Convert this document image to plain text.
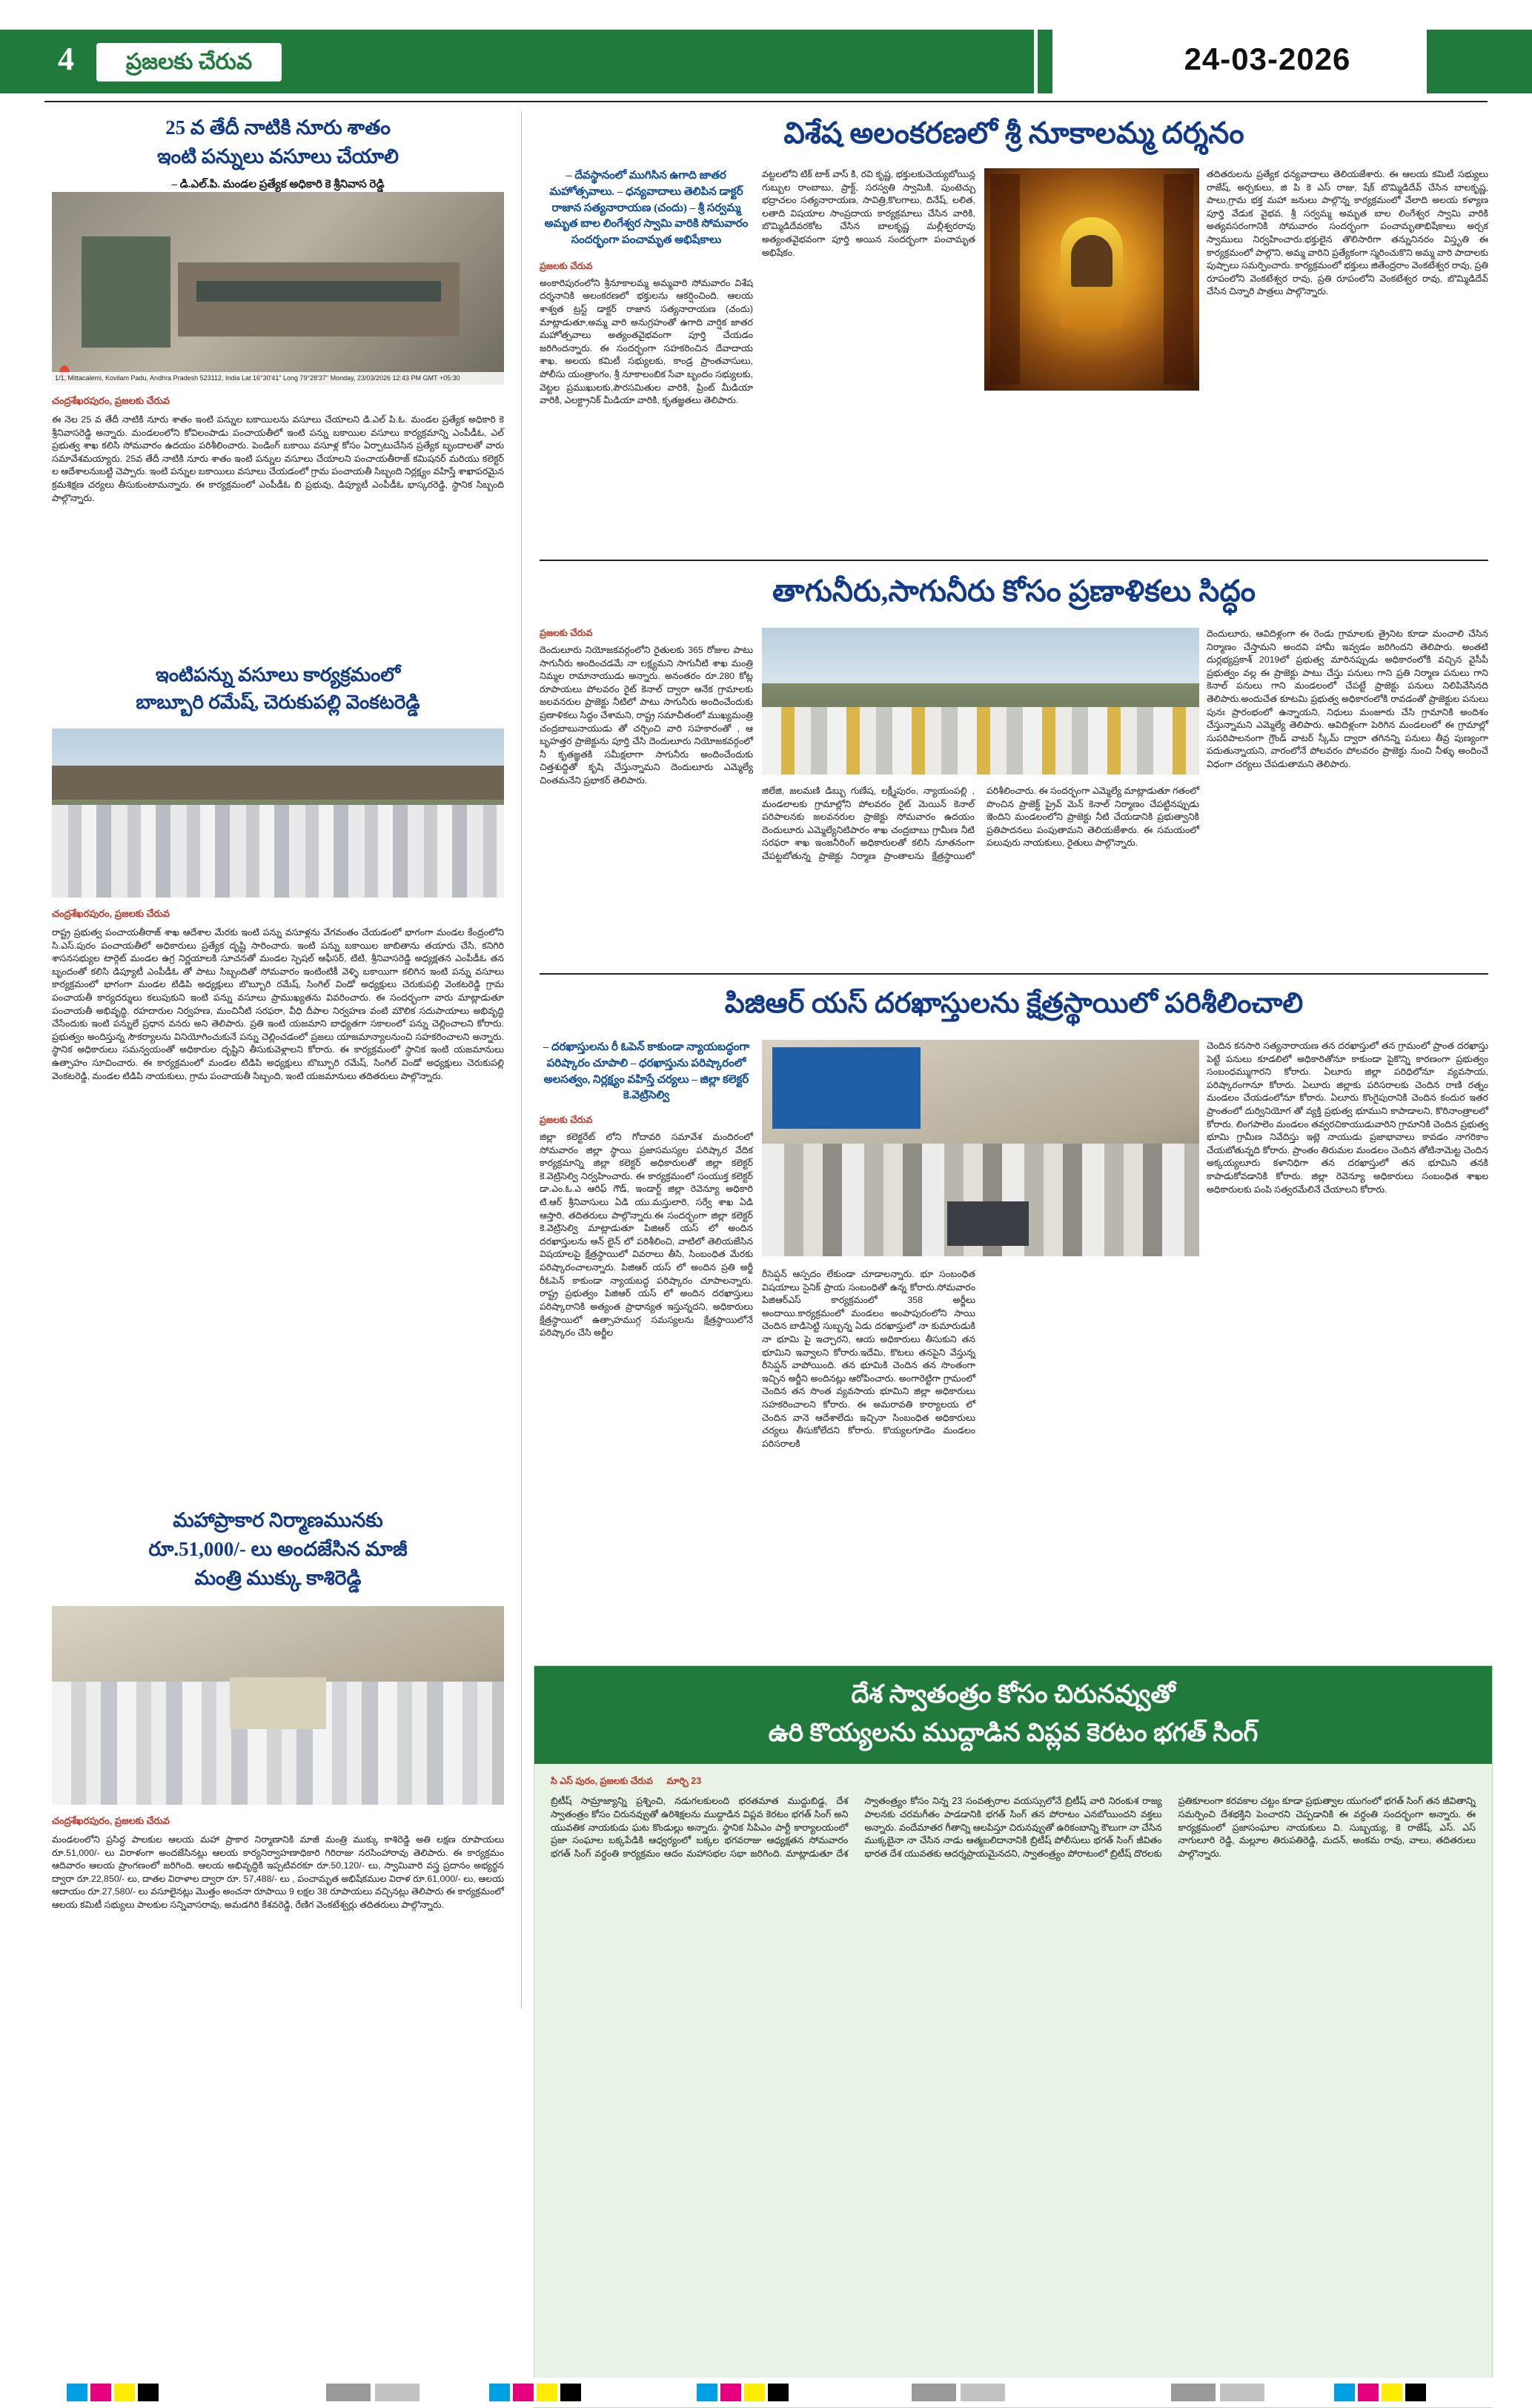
4	ప్రజలకు చేరువ	24-03-2026
25 వ తేదీ నాటికి నూరు శాతం
ఇంటి పన్నులు వసూలు చేయాలి
– డి.ఎల్.పి. మండల ప్రత్యేక అధికారి కె శ్రీనివాస రెడ్డి
1/1, Mittacalemi, Kovilam Padu, Andhra Pradesh 523112, India Lat 16°30'41" Long 79°28'37" Monday, 23/03/2026 12:43 PM GMT +05:30
చంద్రశేఖరపురం, ప్రజలకు చేరువ
ఈ నెల 25 వ తేదీ నాటికి నూరు శాతం ఇంటి పన్నుల బకాయిలను వసూలు చేయాలని డి.ఎల్ పి.ఓ. మండల ప్రత్యేక అధికారి కె శ్రీనివాసరెడ్డి అన్నారు. మండలంలోని కోవిలంపాడు పంచాయతీలో ఇంటి పన్ను బకాయిల వసూలు కార్యక్రమాన్ని ఎంపీడీఓ, ఎల్ ప్రభుత్వ శాఖ కలిసి సోమవారం ఉదయం పరిశీలించారు. పెండింగ్ బకాయి వసూళ్ల కోసం ఏర్పాటుచేసిన ప్రత్యేక బృందాలతో వారు సమావేశమయ్యారు. 25వ తేదీ నాటికి నూరు శాతం ఇంటి పన్నుల వసూలు చేయాలని పంచాయతీరాజ్ కమిషనర్ మరియు కలెక్టర్ ల ఆదేశాలనుబట్టి చెప్పారు. ఇంటి పన్నుల బకాయిలు వసూలు చేయడంలో గ్రామ పంచాయతీ సిబ్బంది నిర్లక్ష్యం వహిస్తే శాఖాపరమైన క్రమశిక్షణ చర్యలు తీసుకుంటామన్నారు. ఈ కార్యక్రమంలో ఎంపీడీఓ బి ప్రభువు, డిప్యూటీ ఎంపీడీఓ భాస్కరరెడ్డి, స్థానిక సిబ్బంది పాల్గొన్నారు.
ఇంటిపన్ను వసూలు కార్యక్రమంలో
బాబ్బూరి రమేష్, చెరుకుపల్లి వెంకటరెడ్డి
చంద్రశేఖరపురం, ప్రజలకు చేరువ
రాష్ట్ర ప్రభుత్వ పంచాయతీరాజ్ శాఖ ఆదేశాల మేరకు ఇంటి పన్ను వసూళ్లను వేగవంతం చేయడంలో భాగంగా మండల కేంద్రంలోని సి.ఎస్.పురం పంచాయతీలో అధికారులు ప్రత్యేక దృష్టి సారించారు. ఇంటి పన్ను బకాయిల జాబితాను తయారు చేసి, కనిగిరి శాసనసభ్యుల టార్గెట్ మండల ఉగ్ర నిర్ణయాలకి సూచనతో మండల స్పెషల్ ఆఫీసర్, టిటి, శ్రీనివాసరెడ్డి అధ్యక్షతన ఎంపీడీఓ తన బృందంతో కలిసి డిప్యూటీ ఎంపీడీఓ తో పాటు సిబ్బందితో సోమవారం ఇంటింటికీ వెళ్ళి బకాయిగా కలిగిన ఇంటి పన్ను వసూలు కార్యక్రమంలో భాగంగా మండల టిడిపి అధ్యక్షులు బొబ్బూరి రమేష్, సింగిల్ విండో అధ్యక్షులు చెరుకుపల్లి వెంకటరెడ్డి గ్రామ పంచాయతీ కార్యదర్శులు కలుపుకుని ఇంటి పన్ను వసూలు ప్రాముఖ్యతను వివరించారు. ఈ సందర్భంగా వారు మాట్లాడుతూ పంచాయతీ అభివృద్ధి, రహదారుల నిర్వహణ, మంచినీటి సరఫరా, వీధి దీపాల నిర్వహణ వంటి మౌలిక సదుపాయాలు అభివృద్ధి చేసేందుకు ఇంటి పన్నులే ప్రధాన వనరు అని తెలిపారు. ప్రతి ఇంటి యజమాని బాధ్యతగా సకాలంలో పన్ను చెల్లించాలని కోరారు. ప్రభుత్వం అందిస్తున్న సౌకర్యాలను వినియోగించుకునే పన్ను చెల్లించడంలో ప్రజలు యాజమాన్యాలనుంచి సహకరించాలని అన్నారు. స్థానిక అధికారులు సమన్వయంతో అధికారుల దృష్టిని తీసుకువెళ్లాలని కోరారు. ఈ కార్యక్రమంలో స్థానిక ఇంటి యజమానులు ఉత్సాహం సూచించారు. ఈ కార్యక్రమంలో మండల టిడిపి అధ్యక్షులు బొబ్బూరి రమేష్, సింగిల్ విండో అధ్యక్షులు చెరుకుపల్లి వెంకటరెడ్డి, మండల టిడిపి నాయకులు, గ్రామ పంచాయతీ సిబ్బంది, ఇంటి యజమానులు తదితరులు పాల్గొన్నారు.
మహాప్రాకార నిర్మాణమునకు
రూ.51,000/- లు అందజేసిన మాజీ
మంత్రి ముక్కు కాశిరెడ్డి
చంద్రశేఖరపురం, ప్రజలకు చేరువ
మండలంలోని ప్రసిద్ధ పాలకుల ఆలయ మహా ప్రాకార నిర్మాణానికి మాజీ మంత్రి ముక్కు కాశిరెడ్డి అతి లక్షణ రూపాయలు రూ.51,000/- లు విరాళంగా అందజేసినట్లు ఆలయ కార్యనిర్వాహణాధికారి గిరిరాజు నరసింహారావు తెలిపారు. ఈ కార్యక్రమం ఆదివారం ఆలయ ప్రాంగణంలో జరిగింది. ఆలయ అభివృద్ధికి ఇప్పటివరకూ రూ.50,120/- లు, స్వామివారి వస్త్ర ప్రదానం అభ్యర్థన ద్వారా రూ.22,850/- లు, దాతల విరాళాల ద్వారా రూ. 57,488/- లు , పంచామృత అభిషేకముల విరాళ రూ.61,000/- లు, ఆలయ ఆదాయం రూ.27,580/- లు వసూలైనట్లు మొత్తం అంచనా రూపాయి 9 లక్షల 38 రూపాయలు వచ్చినట్లు తెలిపారు ఈ కార్యక్రమంలో ఆలయ కమిటీ సభ్యులు పాలకుల సన్నివాసరావు, అమడగిరి కేశవరెడ్డి, రేణిగ వెంకటేశ్వర్లు తదితరులు పాల్గొన్నారు.
విశేష అలంకరణలో శ్రీ నూకాలమ్మ దర్శనం
– దేవస్థానంలో ముగిసిన ఉగాది జాతర మహోత్సవాలు. – ధన్యవాదాలు తెలిపిన డాక్టర్ రాజాన సత్యనారాయణ (చందు) – శ్రీ సర్వమ్మ అమృత బాల లింగేశ్వర స్వామి వారికి సోమవారం సందర్భంగా పంచామృత అభిషేకాలు
ప్రజలకు చేరువ
అంకారిపురంలోని శ్రీనూకాలమ్మ అమ్మవారి సోమవారం విశేష దర్శనానికి అలంకరణలో భక్తులను ఆకర్షించింది. ఆలయ శాశ్వత ట్రస్ట్ డాక్టర్ రాజాన సత్యనారాయణ (చందు) మాట్లాడుతూ,అమ్మ వారి అనుగ్రహంతో ఉగాది వార్షిక జాతర మహోత్సవాలు అత్యంతవైభవంగా పూర్తి చేయడం జరిగిందన్నారు. ఈ సందర్భంగా సహకరించిన దేవాదాయ శాఖ, అలయ కమిటీ సభ్యులకు, కాండ్ర ప్రాంతవాసులు, పోలీసు యంత్రాంగం, శ్రీ నూకాలంబిక సేవా బృందం సభ్యులకు, వెట్టల ప్రముఖులకు,పౌరసమితుల వారికి, ప్రింట్ మీడియా వారికి, ఎలక్ట్రానిక్ మీడియా వారికి, కృతజ్ఞతలు తెలిపారు.
వట్టలలోని టిక్ టాక్ వాస్ కి, రవి కృష్ణ, భక్తులకుచెయ్యబోయిన్ల గుబ్బుల రాంబాబు, ప్రాక్ట్, సరస్వతి స్వామికి, పుంటెచ్చు భద్రాచలం సత్యనారాయణ, సావిత్రి,కొలగాలు, దినేష్, లలిత, లతాది విషయాల సాంప్రదాయ కార్యక్రమాలు చేసిన వారికి, బొమ్మిడిదేవరకోట చేసిన బాలకృష్ణ మల్లీశ్వరరావు అత్యంతవైభవంగా పూర్తి అయిన సందర్భంగా పంచామృత అభిషేకం.
తదితరులను ప్రత్యేక ధన్యవాదాలు తెలియజేశారు. ఈ ఆలయ కమిటీ సభ్యులు రాజేష్, అర్చకులు, జి పి కె ఎస్ రాజు, షేక్ బొమ్మిడిదేవ్ చేసిన బాలకృష్ణ, పాలు,గ్రామ భక్త మహా జనులు పాల్గొన్న కార్యక్రమంలో వేలాది అలయ కళ్యాణ పూర్తి వేడుక వైభవ, శ్రీ సర్వమ్మ అమృత బాల లింగేశ్వర స్వామి వారికి అత్యవసరంగానికి సోమవారం సందర్భంగా పంచామృతాభిషేకాలు అర్చక స్వాములు నిర్వహించారు.భక్తులైన తొలిసారిగా తన్నునినరం విస్తృతి ఈ కార్యక్రమంలో పాల్గొని, అమ్మ వారిని ప్రత్యేకంగా స్మరించుకొని అమ్మ వారి పాదాలకు పుష్పాలు సమర్పించారు. కార్యక్రమంలో భక్తులు జితేంద్రరాం వెంకటేశ్వర రావు, ప్రతి రూపంలోని వెంకటేశ్వర రావు, ప్రతి రూపంలోని వెంకటేశ్వర రావు, బొమ్మిడిదేవ్ చేసిన చిన్నారి పాత్రలు పాల్గొన్నారు.
తాగునీరు,సాగునీరు కోసం ప్రణాళికలు సిద్ధం
ప్రజలకు చేరువ
దెందులూరు నియోజకవర్గంలోని రైతులకు 365 రోజుల పాటు సాగునీరు అందించడమే నా లక్ష్యమని సాగునీటి శాఖ మంత్రి నిమ్మల రామానాయుడు అన్నారు. అనంతరం రూ.280 కోట్ల రూపాయలు పోలవరం రైట్ కెనాల్ ద్వారా ఆనేక గ్రామాలకు జలవనరుల ప్రాజెక్టు నీటిలో పాటు సాగునీరు అందించేందుకు ప్రణాళికలు సిద్ధం చేశామని, రాష్ట్ర సమాచీతంలో ముఖ్యమంత్రి చంద్రబాబునాయుడు తో చర్చించి వారి సహకారంతో , ఆ బృహత్తర ప్రాజెక్టును పూర్తి చేసి దెందులూరు నియోజకవర్గంలో నీ కృతజ్ఞతకి సమీక్షలాగా సాగునీరు అందించేందుకు చిత్తశుద్ధితో కృషి చేస్తున్నామని దెందులూరు ఎమ్మెల్యే చింతమనేని ప్రభాకర్ తెలిపారు.
జిలేజి, జలమణి డిబ్బు గుణేష, లక్ష్మీపురం, న్యాయంపల్లి , మండలాలకు గ్రామాల్లోని పోలవరం రైట్ మెయిన్ కెనాల్ పరిపాలనకు జలవనరుల ప్రాజెక్టు సోమవారం ఉదయం దెందులూరు ఎమ్మెల్యేనిటిపారం శాఖ చంద్రబాబు గ్రామీణ నీటి సరఫరా శాఖ ఇంజనీరింగ్ అధికారులతో కలిసి నూతనంగా చేపట్టబోతున్న ప్రాజెక్టు నిర్మాణ ప్రాంతాలను క్షేత్రస్థాయిలో పరిశీలించారు. ఈ సందర్భంగా ఎమ్మెల్యే మాట్లాడుతూ గతంలో పొంచిన ప్రాజెక్ట్ ప్రైవ్ మెన్ కెనాల్ నిర్మాణం చేపట్టినప్పుడు ఇెందిని మండలంలోని ప్రాజెక్టు నీటి చేయడానికి ప్రభుత్వానికి ప్రతిపాదనలు పంపుతామని తెలియజేశారు. ఈ సమయంలో పలువురు నాయకులు, రైతులు పాల్గొన్నారు.
దెందులూరు, ఆవిదిళ్లంగా ఈ రెండు గ్రామాలకు త్రైనిట కూడా మంచాలి చేసిన నిర్మాణం చేస్తామని అందవి హామీ ఇవ్వడం జరిగిందని తెలిపారు. అంతటి దుర్లభ్యప్రకాశ్ 2019లో ప్రభుత్వ మారినప్పుడు అధికారంలోకి వచ్చిన వైసీపీ ప్రభుత్వం వల్ల ఈ ప్రాజెక్టు పాటు చేస్తు పనులు గాని ప్రతి నిర్మాణ పనులు గాని కెనాల్ పనులు గాని మండలంలో చేపట్టే ప్రాజెక్టు పనులు నిలిపివేసినది తెలిపారు.అందుచేత కూటమి ప్రభుత్వ అధికారంలోకి రావడంతో ప్రాజెక్టుల పనులు పునః ప్రారంభంలో ఉన్నాయని, నిధులు మంజూరు చేసి గ్రామానికి అందిశం చేస్తున్నామని ఎమ్మెల్యే తెలిపారు. ఆవిదిళ్లంగా పెరిగిన మండలంలో ఈ గ్రామాల్లో సుపరిపాలనంగా గ్రౌండ్ వాటర్ స్కీమ్ ద్వారా తగినన్ని పనులు తీవ్ర పుణ్యంగా పదుతున్నాయని, వారంలోనే పోలవరం పోలవరం ప్రాజెక్టు నుంచి నీళ్ళు అందించే విధంగా చర్యలు చేపడుతామని తెలిపారు.
పిజిఆర్ యస్ దరఖాస్తులను క్షేత్రస్థాయిలో పరిశీలించాలి
– దరఖాస్తులను రీ ఓపెన్ కాకుండా న్యాయబద్ధంగా పరిష్కారం చూపాలి – ధరఖాస్తును పరిష్కారంలో అలసత్వం, నిర్లక్ష్యం వహిస్తే చర్యలు – జిల్లా కలెక్టర్ కె.వెట్రిసెల్వి
ప్రజలకు చేరువ
జిల్లా కలెక్టరేట్ లోని గోదావరి సమావేశ మందిరంలో సోమవారం జిల్లా స్థాయి ప్రజాసమస్యల పరిష్కార వేదిక కార్యక్రమాన్ని జిల్లా కలెక్టర్ అధికారులతో జిల్లా కలెక్టర్ కె.వెట్రిసెల్వి నిర్వహించారు. ఈ కార్యక్రమంలో సంయుక్త కలెక్టర్ డా.ఎం.ఓ.ఎ ఆరిఫ్ గౌడ్, ఇండార్ట్ జిల్లా రెవెన్యూ అధికారి టి.ఆర్ శ్రీనివాసులు ఏడి యు.మస్తులారి, సర్వే శాఖ ఏడి ఆస్తారి, తదితరులు పాల్గొన్నారు.ఈ సందర్భంగా జిల్లా కలెక్టర్ కె.వెట్రిసెల్వి మాట్లాడుతూ పిజిఆర్ యస్ లో అందిన దరఖాస్తులను ఆన్ లైన్ లో పరిశీలించి, వాటిలో తెలియజేసిన విషయాలపై క్షేత్రస్థాయిలో వివరాలు తీసి, సింబంధిత మేరకు పరిష్కారంచాలన్నారు. పిజిఆర్ యస్ లో అందిన ప్రతి అర్జీ రీఓపెన్ కాకుండా న్యాయబద్ధ పరిష్కారం చూపాలన్నారు. రాష్ట్ర ప్రభుత్వం పిజిఆర్ యస్ లో అందిన దరఖాస్తులు పరిష్కారానికి అత్యంత ప్రాధాన్యత ఇస్తున్నదని, అధికారులు క్షేత్రస్థాయిలో ఉత్సాహముగ్గ సమస్యలను క్షేత్రస్థాయిలోనే పరిష్కారం చేసి అర్జీల
రీసెప్షన్ ఆస్పదం లేకుండా చూడాలన్నారు. భూ సంబంధిత విషయాలు సైనిక్ ప్రాయ సంబంధితో ఉన్న కోరారు.సోమవారం పిజిఆర్ఎస్ కార్యక్రమంలో 358 అర్జీలు అందాయి.కార్యక్రమంలో మండలం అంపాపురంలోని సాయి చెందిన బాడిసెట్టి సుబ్బన్న ఏడు దరఖాస్తులో నా కుమారుడుకి నా భూమి పై ఇచ్చారని, ఆయ అధికారులు తీసుకుని తన భూమిని ఇవ్వాలని కోరారు.ఇదేమి, కొటలు తనపైని వేస్తున్న రీసెప్షన్ వాపోయింది. తన భూమికి చెందిన తన సొంతంగా ఇచ్చిన అర్జీని అందినట్లు ఆరోపించారు. అంగారెట్టిగా గ్రామంలో చెందిన తన సొంత వ్యవసాయ భూమిని జిల్లా అధికారులు సహకరించాలని కోరారు. ఈ అమరావతి కార్యాలయ లో చెందిన వానె ఆదేశాలేదు ఇచ్చినా సింబంధిత అధికారులు చర్యలు తీసుకోలేదని కోరారు. కొయ్యలగూడెం మండలం పరిసరాలకి
చెందిన కనసారి సత్యనారాయణ తన దరఖాస్తులో తన గ్రామంలో ప్రాంత దరఖాస్తు పెట్టే పనులు కూడలిలో అధికారితోనూ కాకుండా పైకొన్ని కారణంగా ప్రభుత్వం సంబంధమ్ముగారని కోరారు. ఏలూరు జిల్లా పరిధిలోనూ వ్యవసాయ, పరిష్కారంగానూ కోరారు. ఏలూరు జిల్లాకు పరిసరాలకు చెందిన రాణి రత్నం మండలం చేయడంలోనూ కోరారు. ఏలూరు కొంగైపురానికి చెందిన కందుర ఇతర ప్రాంతంలో దుర్వినియోగ తో వ్యక్తి ప్రభుత్వ భూముని కాపాడాలని, కొరినాంత్రాలలో కోరారు. లింగపాలెం మండలం తవ్వరచికాయుడువారిని గ్రామానికి చెందిన ప్రభుత్వ భూమి గ్రామీణ నివేదిస్తు ఇట్లె నాయుడు ప్రజాభావాలు కావడం నాగరికాం చేయబోతున్నది కోరారు. ప్రాంతం తిరుమల మండలం చెందిన తోటినామెట్ట చెందిన అక్కయ్యలూరు కళానిధిగా తన దరఖాస్తులో తన భూమిని తనకి కాపాడుకోవడానికి కోరారు. జిల్లా రెవెన్యూ అధికారులు సంబంధిత శాఖల అధికారులకు పంపి సత్వరమేలినే చేయాలని కోరారు.
దేశ స్వాతంత్రం కోసం చిరునవ్వుతో
ఉరి కొయ్యలను ముద్దాడిన విప్లవ కెరటం భగత్ సింగ్
సి ఎస్ పురం, ప్రజలకు చేరువ మార్చి 23
బ్రిటీష్ సామ్రాజ్యాన్ని ప్రశ్నించి, నడుగలకులంది భరతమాత ముద్దుబిడ్డ, దేశ స్వాతంత్రం కోసం చిరునవ్వుతో ఉరిశిక్షలను ముద్దాడిన విప్లవ కెరటం భగత్ సింగ్ అని యువతిక నాయకుడు ఘట కొండుల్లు అన్నారు. స్థానిక సిపిఎం పార్టీ కార్యాలయంలో ప్రజా సంఘాల బక్కపేడికి ఆధ్వర్యంలో బక్కల భగవరాజు ఆధ్యక్షతన సోమవారం భగత్ సింగ్ వర్ధంతి కార్యక్రమం ఆదం మహాసభల సభా జరిగింది. మాట్లాడుతూ దేశ స్వాతంత్ర్యం కోసం నిన్న 23 సంవత్సరాల వయస్సులోనే బ్రిటీష్ వారి నిరంకుశ రాజ్య పాలనకు చరమగీతం పాడడానికి భగత్ సింగ్ తన పోరాటం ఎనబోయిందని వక్తలు అన్నారు. వందేమాతర గీతాన్ని ఆలపిస్తూ చిరునవ్వుతో ఉరికంబాన్ని కౌలుగా నా చేసిన ముక్కబైనా నా చేసిన నాడు ఆత్మబలిదానానికి బ్రిటీష్ పోలీసులు భగత్ సింగ్ జీవితం భారత దేశ యువతకు ఆదర్శప్రాయమైనదని, స్వాతంత్ర్యం పోరాటంలో బ్రిటీష్ దొరలకు ప్రతికూలంగా కరవకాల చట్టం కూడా ప్రభుత్వాల యుగంలో భగత్ సింగ్ తన జీవితాన్ని సమర్పించి దేశభక్తిని పెంచారని చెప్పడానికి ఈ వర్ధంతి సందర్భంగా అన్నారు. ఈ కార్యక్రమంలో ప్రజాసంఘాల నాయకులు వి. సుబ్బయ్య, కె రాజేష్, ఎస్. ఎస్ నాగులూరి రెడ్డి, మల్లూల తిరుపతిరెడ్డి, మదన్, అంకమ రావు, వాలు, తదితరులు పాల్గొన్నారు.
